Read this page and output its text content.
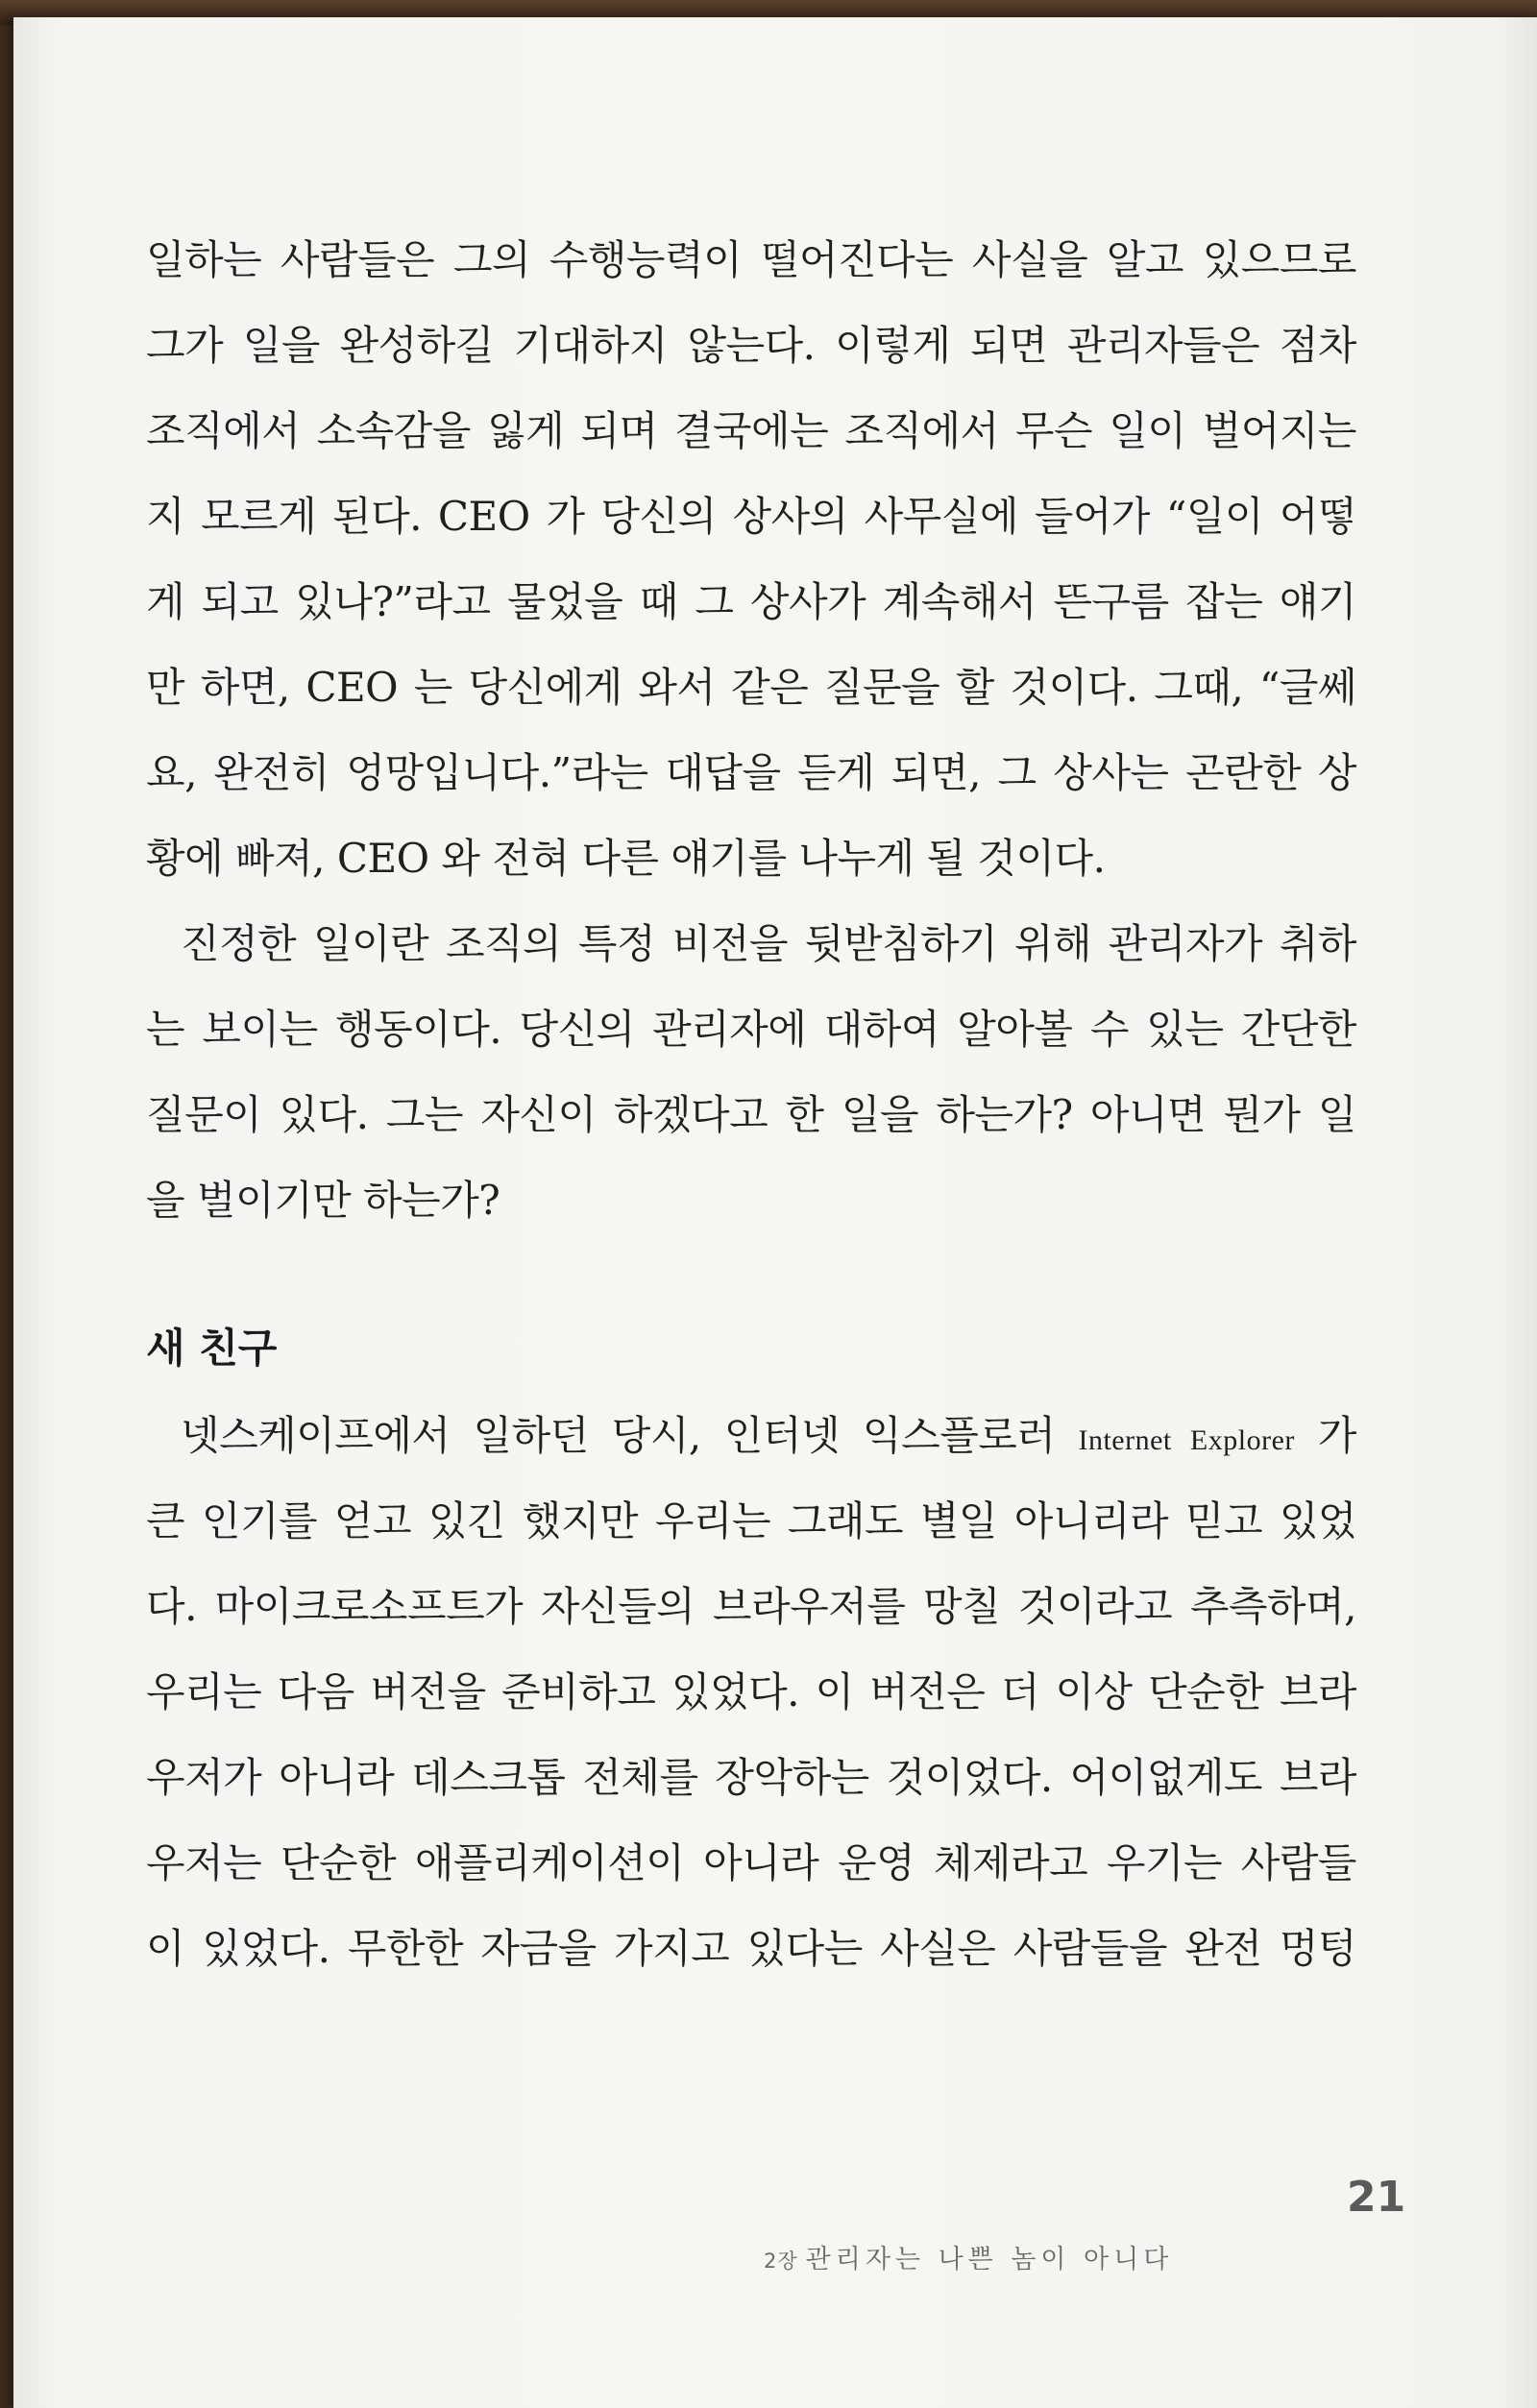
일하는 사람들은 그의 수행능력이 떨어진다는 사실을 알고 있으므로
그가 일을 완성하길 기대하지 않는다. 이렇게 되면 관리자들은 점차
조직에서 소속감을 잃게 되며 결국에는 조직에서 무슨 일이 벌어지는
지 모르게 된다. CEO 가 당신의 상사의 사무실에 들어가 “일이 어떻
게 되고 있나?”라고 물었을 때 그 상사가 계속해서 뜬구름 잡는 얘기
만 하면, CEO 는 당신에게 와서 같은 질문을 할 것이다. 그때, “글쎄
요, 완전히 엉망입니다.”라는 대답을 듣게 되면, 그 상사는 곤란한 상
황에 빠져, CEO 와 전혀 다른 얘기를 나누게 될 것이다.
진정한 일이란 조직의 특정 비전을 뒷받침하기 위해 관리자가 취하
는 보이는 행동이다. 당신의 관리자에 대하여 알아볼 수 있는 간단한
질문이 있다. 그는 자신이 하겠다고 한 일을 하는가? 아니면 뭔가 일
을 벌이기만 하는가?
새 친구
넷스케이프에서 일하던 당시, 인터넷 익스플로러 Internet Explorer 가
큰 인기를 얻고 있긴 했지만 우리는 그래도 별일 아니리라 믿고 있었
다. 마이크로소프트가 자신들의 브라우저를 망칠 것이라고 추측하며,
우리는 다음 버전을 준비하고 있었다. 이 버전은 더 이상 단순한 브라
우저가 아니라 데스크톱 전체를 장악하는 것이었다. 어이없게도 브라
우저는 단순한 애플리케이션이 아니라 운영 체제라고 우기는 사람들
이 있었다. 무한한 자금을 가지고 있다는 사실은 사람들을 완전 멍텅
21
2장 관리자는 나쁜 놈이 아니다
